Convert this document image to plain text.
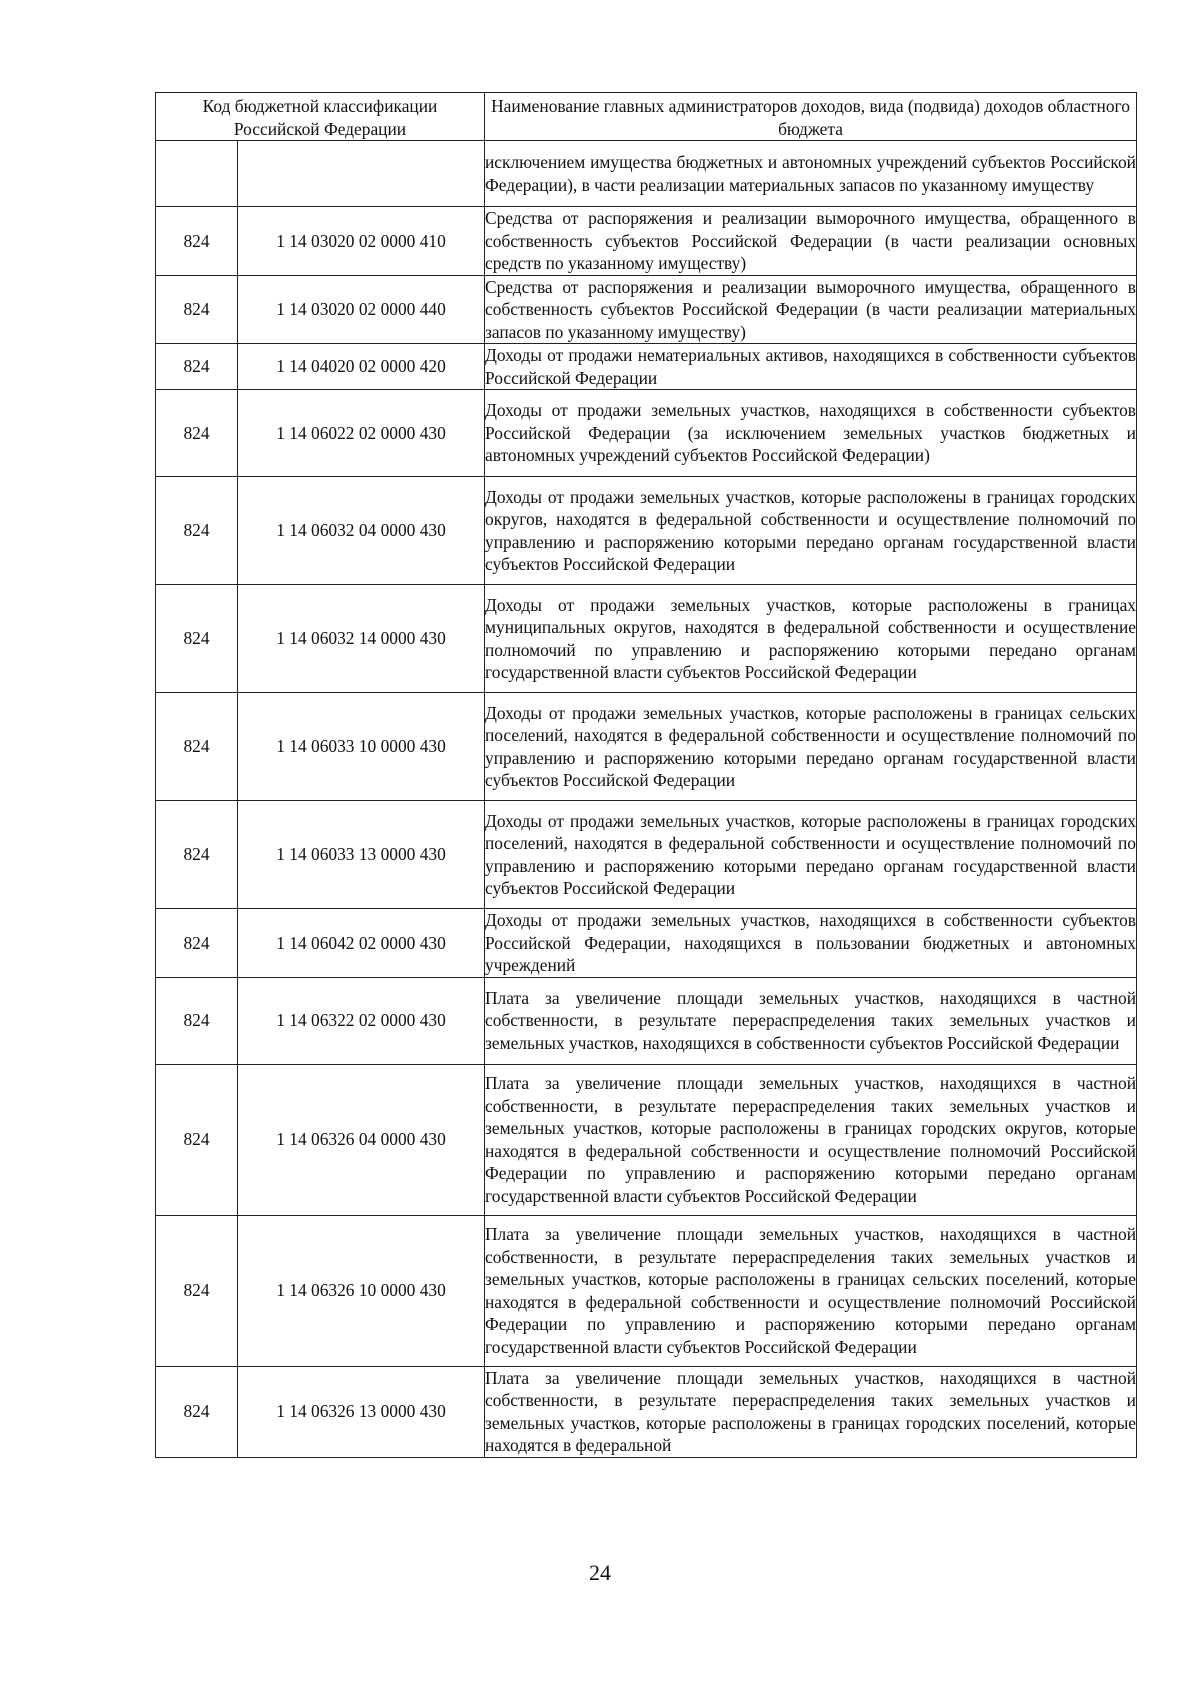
Код бюджетной классификации Российской Федерации		Наименование главных администраторов доходов, вида (подвида) доходов областного бюджета
		исключением имущества бюджетных и автономных учреждений субъектов Российской Федерации), в части реализации материальных запасов по указанному имуществу
824	1 14 03020 02 0000 410	Средства от распоряжения и реализации выморочного имущества, обращенного в собственность субъектов Российской Федерации (в части реализации основных средств по указанному имуществу)
824	1 14 03020 02 0000 440	Средства от распоряжения и реализации выморочного имущества, обращенного в собственность субъектов Российской Федерации (в части реализации материальных запасов по указанному имуществу)
824	1 14 04020 02 0000 420	Доходы от продажи нематериальных активов, находящихся в собственности субъектов Российской Федерации
824	1 14 06022 02 0000 430	Доходы от продажи земельных участков, находящихся в собственности субъектов Российской Федерации (за исключением земельных участков бюджетных и автономных учреждений субъектов Российской Федерации)
824	1 14 06032 04 0000 430	Доходы от продажи земельных участков, которые расположены в границах городских округов, находятся в федеральной собственности и осуществление полномочий по управлению и распоряжению которыми передано органам государственной власти субъектов Российской Федерации
824	1 14 06032 14 0000 430	Доходы от продажи земельных участков, которые расположены в границах муниципальных округов, находятся в федеральной собственности и осуществление полномочий по управлению и распоряжению которыми передано органам государственной власти субъектов Российской Федерации
824	1 14 06033 10 0000 430	Доходы от продажи земельных участков, которые расположены в границах сельских поселений, находятся в федеральной собственности и осуществление полномочий по управлению и распоряжению которыми передано органам государственной власти субъектов Российской Федерации
824	1 14 06033 13 0000 430	Доходы от продажи земельных участков, которые расположены в границах городских поселений, находятся в федеральной собственности и осуществление полномочий по управлению и распоряжению которыми передано органам государственной власти субъектов Российской Федерации
824	1 14 06042 02 0000 430	Доходы от продажи земельных участков, находящихся в собственности субъектов Российской Федерации, находящихся в пользовании бюджетных и автономных учреждений
824	1 14 06322 02 0000 430	Плата за увеличение площади земельных участков, находящихся в частной собственности, в результате перераспределения таких земельных участков и земельных участков, находящихся в собственности субъектов Российской Федерации
824	1 14 06326 04 0000 430	Плата за увеличение площади земельных участков, находящихся в частной собственности, в результате перераспределения таких земельных участков и земельных участков, которые расположены в границах городских округов, которые находятся в федеральной собственности и осуществление полномочий Российской Федерации по управлению и распоряжению которыми передано органам государственной власти субъектов Российской Федерации
824	1 14 06326 10 0000 430	Плата за увеличение площади земельных участков, находящихся в частной собственности, в результате перераспределения таких земельных участков и земельных участков, которые расположены в границах сельских поселений, которые находятся в федеральной собственности и осуществление полномочий Российской Федерации по управлению и распоряжению которыми передано органам государственной власти субъектов Российской Федерации
824	1 14 06326 13 0000 430	Плата за увеличение площади земельных участков, находящихся в частной собственности, в результате перераспределения таких земельных участков и земельных участков, которые расположены в границах городских поселений, которые находятся в федеральной
24
